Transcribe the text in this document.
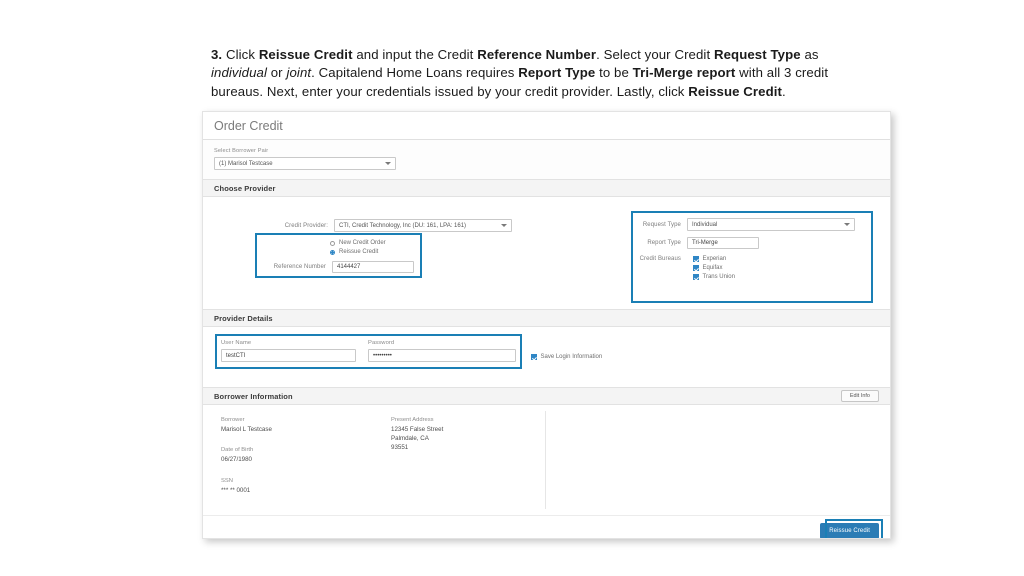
3. Click Reissue Credit and input the Credit Reference Number. Select your Credit Request Type as individual or joint. Capitalend Home Loans requires Report Type to be Tri-Merge report with all 3 credit bureaus. Next, enter your credentials issued by your credit provider. Lastly, click Reissue Credit.
Order Credit
Select Borrower Pair
(1) Marisol Testcase
Choose Provider
Credit Provider: CTI, Credit Technology, Inc (DU: 161, LPA: 161)
New Credit Order
Reissue Credit
Reference Number 4144427
Request Type Individual
Report Type Tri-Merge
Credit Bureaus	Experian
Equifax
Trans Union
Provider Details
User Name
testCTI
Password
•••••••••	Save Login Information
Borrower Information	Edit Info
Borrower
Marisol L Testcase
Date of Birth
06/27/1980
SSN
*** ** 0001
Present Address
12345 False Street
Palmdale, CA
93551
Reissue Credit
